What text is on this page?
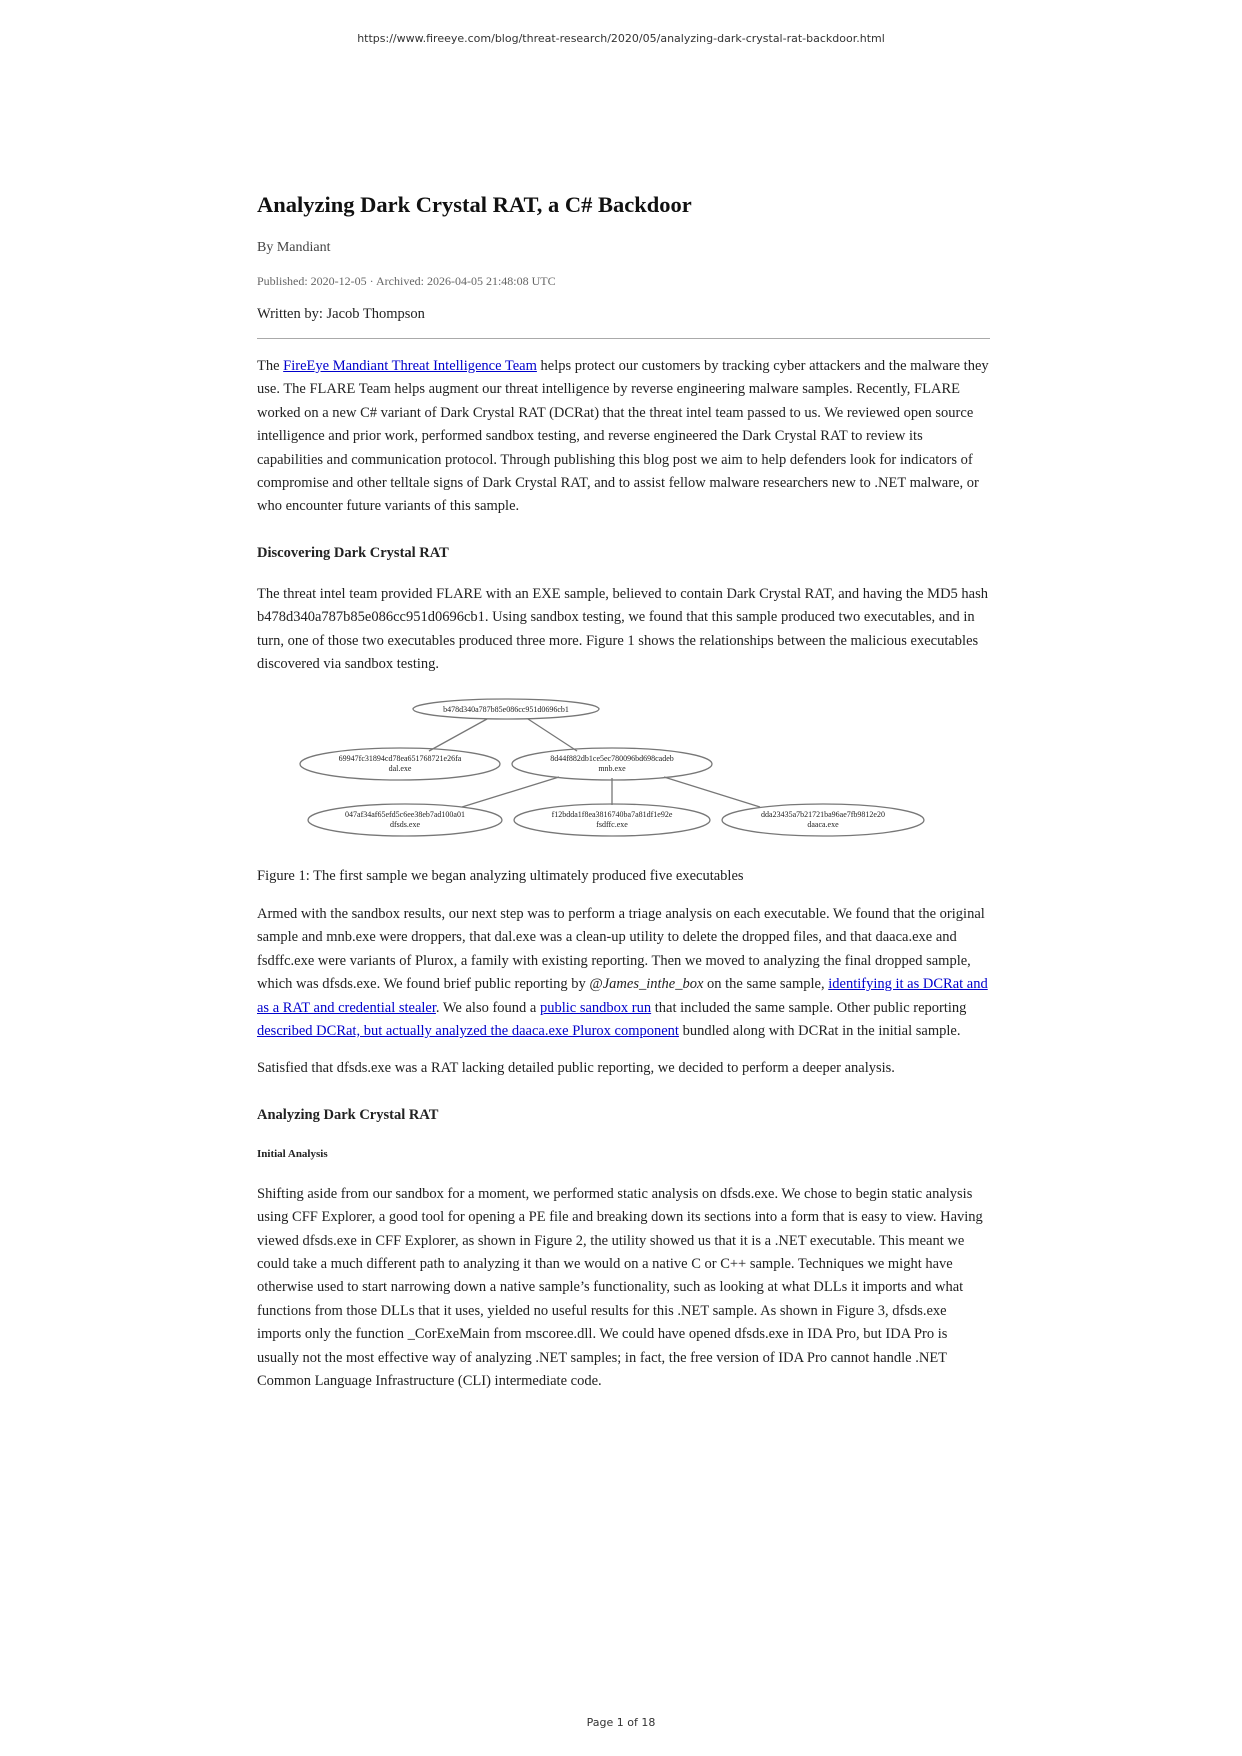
https://www.fireeye.com/blog/threat-research/2020/05/analyzing-dark-crystal-rat-backdoor.html
Analyzing Dark Crystal RAT, a C# Backdoor
By Mandiant
Published: 2020-12-05 · Archived: 2026-04-05 21:48:08 UTC
Written by: Jacob Thompson

The FireEye Mandiant Threat Intelligence Team helps protect our customers by tracking cyber attackers and the malware they use. The FLARE Team helps augment our threat intelligence by reverse engineering malware samples. Recently, FLARE worked on a new C# variant of Dark Crystal RAT (DCRat) that the threat intel team passed to us. We reviewed open source intelligence and prior work, performed sandbox testing, and reverse engineered the Dark Crystal RAT to review its capabilities and communication protocol. Through publishing this blog post we aim to help defenders look for indicators of compromise and other telltale signs of Dark Crystal RAT, and to assist fellow malware researchers new to .NET malware, or who encounter future variants of this sample.

Discovering Dark Crystal RAT

The threat intel team provided FLARE with an EXE sample, believed to contain Dark Crystal RAT, and having the MD5 hash b478d340a787b85e086cc951d0696cb1. Using sandbox testing, we found that this sample produced two executables, and in turn, one of those two executables produced three more. Figure 1 shows the relationships between the malicious executables discovered via sandbox testing.

b478d340a787b85e086cc951d0696cb1
69947fc31894cd78ea651768721e26fa
dal.exe
8d44f882db1ce5ec780096bd698cadeb
mnb.exe
047af34af65efd5c6ee38eb7ad100a01
dfsds.exe
f12bdda1f8ea3816740ba7a81df1e92e
fsdffc.exe
dda23435a7b21721ba96ae7fb9812e20
daaca.exe

Figure 1: The first sample we began analyzing ultimately produced five executables

Armed with the sandbox results, our next step was to perform a triage analysis on each executable. We found that the original sample and mnb.exe were droppers, that dal.exe was a clean-up utility to delete the dropped files, and that daaca.exe and fsdffc.exe were variants of Plurox, a family with existing reporting. Then we moved to analyzing the final dropped sample, which was dfsds.exe. We found brief public reporting by @James_inthe_box on the same sample, identifying it as DCRat and as a RAT and credential stealer. We also found a public sandbox run that included the same sample. Other public reporting described DCRat, but actually analyzed the daaca.exe Plurox component bundled along with DCRat in the initial sample.

Satisfied that dfsds.exe was a RAT lacking detailed public reporting, we decided to perform a deeper analysis.

Analyzing Dark Crystal RAT
Initial Analysis

Shifting aside from our sandbox for a moment, we performed static analysis on dfsds.exe. We chose to begin static analysis using CFF Explorer, a good tool for opening a PE file and breaking down its sections into a form that is easy to view. Having viewed dfsds.exe in CFF Explorer, as shown in Figure 2, the utility showed us that it is a .NET executable. This meant we could take a much different path to analyzing it than we would on a native C or C++ sample. Techniques we might have otherwise used to start narrowing down a native sample’s functionality, such as looking at what DLLs it imports and what functions from those DLLs that it uses, yielded no useful results for this .NET sample. As shown in Figure 3, dfsds.exe imports only the function _CorExeMain from mscoree.dll. We could have opened dfsds.exe in IDA Pro, but IDA Pro is usually not the most effective way of analyzing .NET samples; in fact, the free version of IDA Pro cannot handle .NET Common Language Infrastructure (CLI) intermediate code.

Page 1 of 18
